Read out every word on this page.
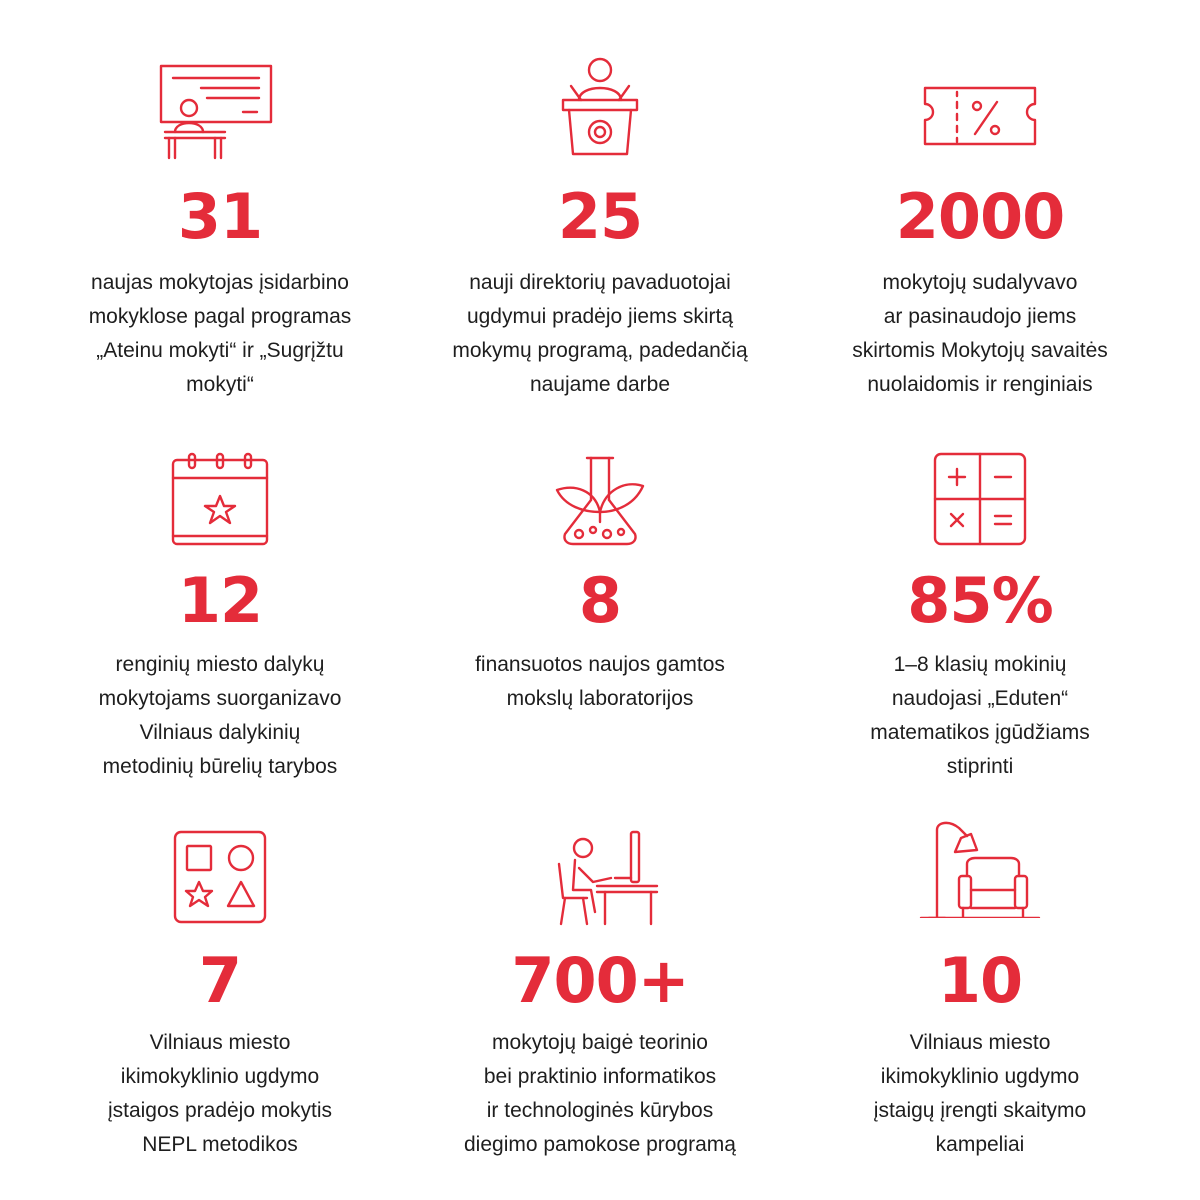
31
naujas mokytojas įsidarbino
mokyklose pagal programas
„Ateinu mokyti“ ir „Sugrįžtu
mokyti“
25
nauji direktorių pavaduotojai
ugdymui pradėjo jiems skirtą
mokymų programą, padedančią
naujame darbe
2000
mokytojų sudalyvavo
ar pasinaudojo jiems
skirtomis Mokytojų savaitės
nuolaidomis ir renginiais
12
renginių miesto dalykų
mokytojams suorganizavo
Vilniaus dalykinių
metodinių būrelių tarybos
8
finansuotos naujos gamtos
mokslų laboratorijos
85%
1–8 klasių mokinių
naudojasi „Eduten“
matematikos įgūdžiams
stiprinti
7
Vilniaus miesto
ikimokyklinio ugdymo
įstaigos pradėjo mokytis
NEPL metodikos
700+
mokytojų baigė teorinio
bei praktinio informatikos
ir technologinės kūrybos
diegimo pamokose programą
10
Vilniaus miesto
ikimokyklinio ugdymo
įstaigų įrengti skaitymo
kampeliai
